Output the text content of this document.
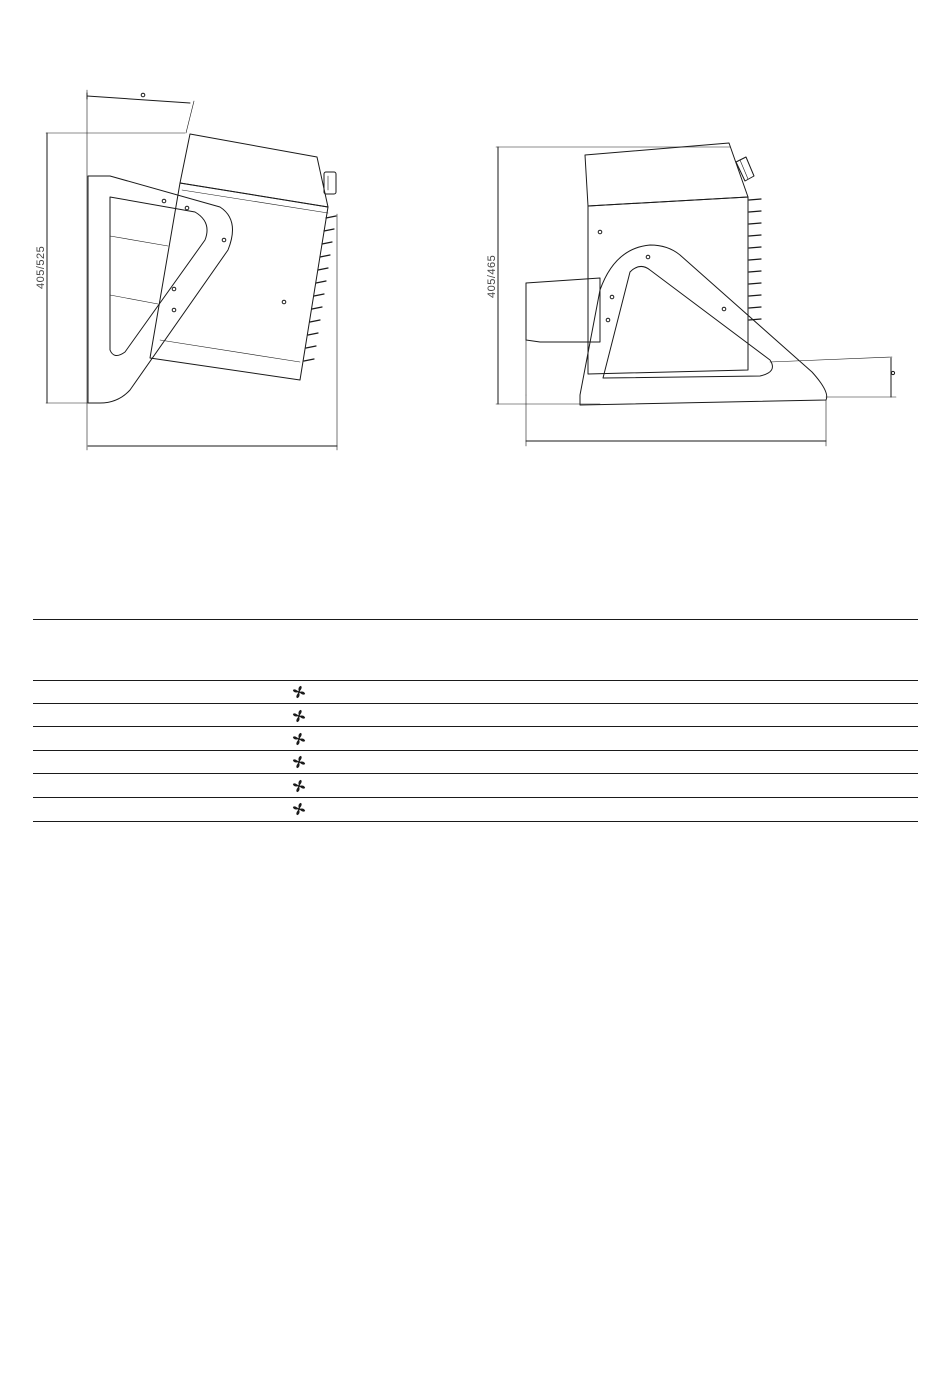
405/525	405/465
